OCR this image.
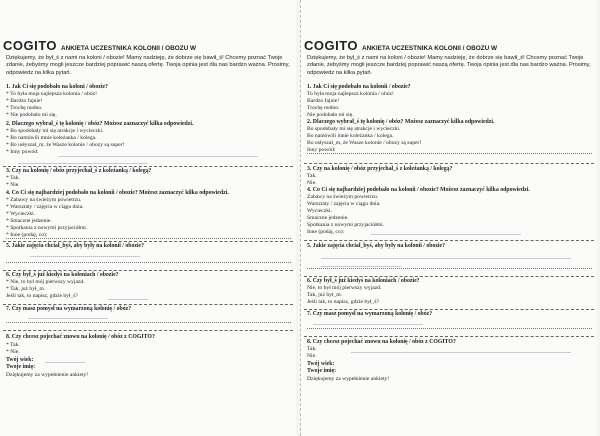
COGITO ANKIETA UCZESTNIKA KOLONII / OBOZU W
Dziękujemy, że był_ś z nami na koloni / obozie! Mamy nadzieję, że dobrze się bawił_ś! Chcemy poznać Twoje zdanie, żebyśmy mogli jeszcze bardziej poprawić naszą ofertę. Twoja opinia jest dla nas bardzo ważna. Prosimy, odpowiedz na kilka pytań.
1. Jak Ci się podobało na koloni / obozie?
* To była moja najlepsza kolonia / obóz!
* Bardzo fajnie!
* Trochę nudno.
* Nie podobało mi się.
2. Dlaczego wybrał_ś tę kolonię / obóz? Możesz zaznaczyć kilka odpowiedzi.
* Bo spodobały mi się atrakcje i wycieczki.
* Bo namówili mnie koleżanka / kolega.
* Bo usłyszał_m, że Wasze kolonie / obozy są super!
* Inny powód:
3. Czy na kolonię / obóz przyjechał_ś z koleżanką / kolegą?
* Tak.
* Nie.
4. Co Ci się najbardziej podobało na kolonii / obozie? Możesz zaznaczyć kilka odpowiedzi.
* Zabawy na świeżym powietrzu.
* Warsztaty / zajęcia w ciągu dnia.
* Wycieczki.
* Smaczne jedzenie.
* Spotkania z nowymi przyjaciółmi.
* Inne (podaj, co):
5. Jakie zajęcia chciał_byś, aby były na kolonii / obozie?
6. Czy był_ś już kiedyś na koloniach / obozie?
* Nie, to był mój pierwszy wyjazd.
* Tak, już był_m.
Jeśli tak, to napisz, gdzie był_ś?
7. Czy masz pomysł na wymarzoną kolonię / obóz?
8. Czy chcesz pojechać znowu na kolonię / obóz z COGITO?
* Tak.
* Nie.
Twój wiek:
Twoje imię:
Dziękujemy za wypełnienie ankiety!
COGITO ANKIETA UCZESTNIKA KOLONII / OBOZU W
Dziękujemy, że był_ś z nami na koloni / obozie! Mamy nadzieję, że dobrze się bawił_ś! Chcemy poznać Twoje zdanie, żebyśmy mogli jeszcze bardziej poprawić naszą ofertę. Twoja opinia jest dla nas bardzo ważna. Prosimy, odpowiedz na kilka pytań.
1. Jak Ci się podobało na kolonii / obozie?
To była moja najlepsza kolonia / obóz!
Bardzo fajnie!
Trochę nudno.
Nie podobało mi się.
2. Dlaczego wybrał_ś tę kolonię / obóz? Możesz zaznaczyć kilka odpowiedzi.
Bo spodobały mi się atrakcje i wycieczki.
Bo namówili mnie koleżanka / kolega.
Bo usłyszał_m, że Wasze kolonie / obozy są super!
Inny powód:
3. Czy na kolonię / obóz przyjechał_ś z koleżanką / kolegą?
Tak.
Nie.
4. Co Ci się najbardziej podobało na kolonii / obozie? Możesz zaznaczyć kilka odpowiedzi.
Zabawy na świeżym powietrzu.
Warsztaty / zajęcia w ciągu dnia.
Wycieczki.
Smaczne jedzenie.
Spotkania z nowymi przyjaciółmi.
Inne (podaj, co):
5. Jakie zajęcia chciał_byś, aby były na kolonii / obozie?
6. Czy był_ś już kiedyś na koloniach / obozie?
Nie, to był mój pierwszy wyjazd.
Tak, już był_m.
Jeśli tak, to napisz, gdzie był_ś?
7. Czy masz pomysł na wymarzoną kolonię / obóz?
8. Czy chcesz pojechać znowu na kolonię / obóz z COGITO?
Tak.
Nie.
Twój wiek:
Twoje imię:
Dziękujemy za wypełnienie ankiety!
